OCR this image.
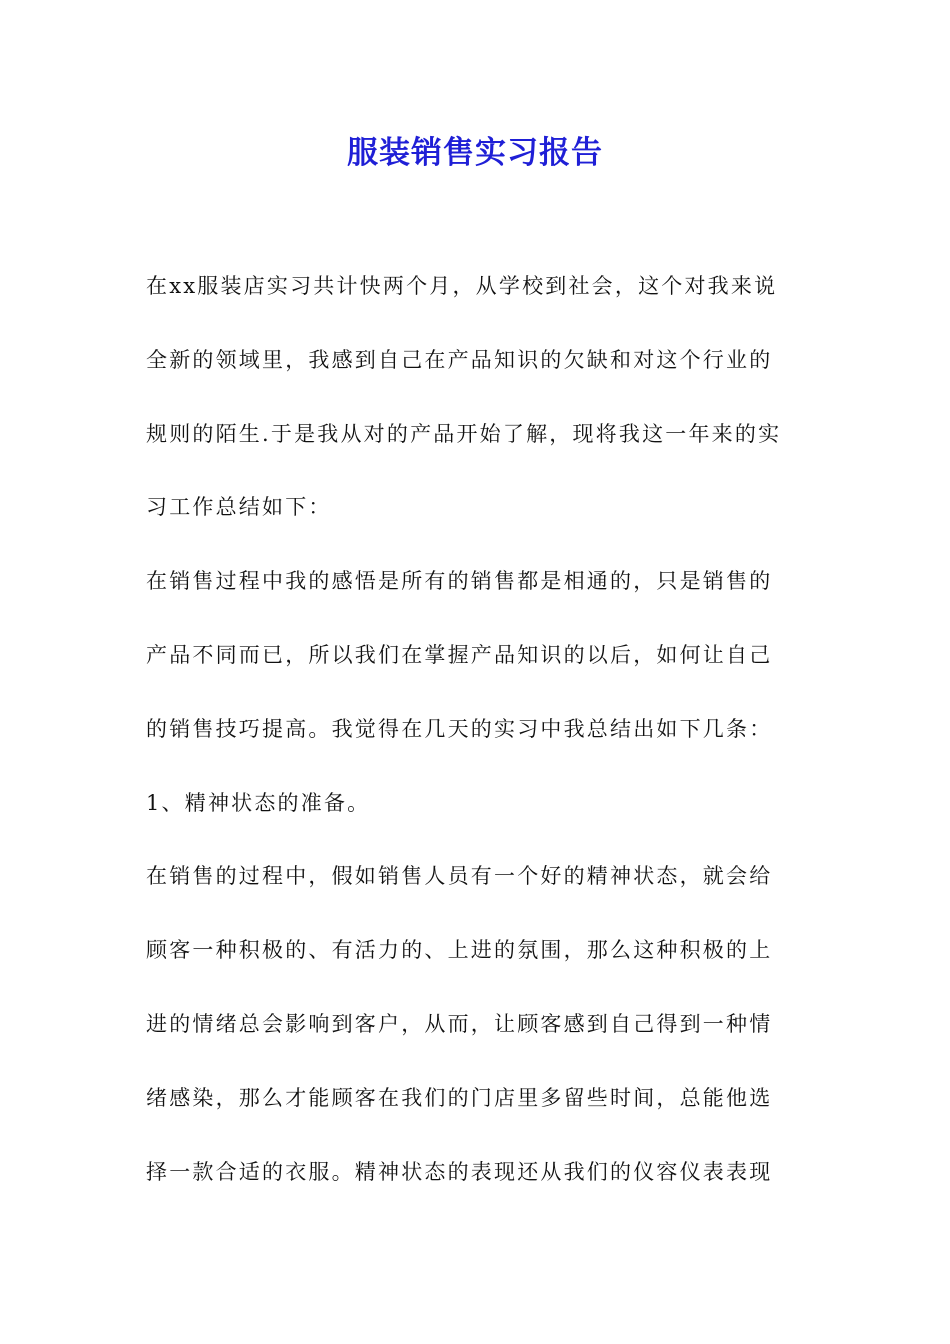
服装销售实习报告
在xx服装店实习共计快两个月，从学校到社会，这个对我来说
全新的领域里，我感到自己在产品知识的欠缺和对这个行业的
规则的陌生.于是我从对的产品开始了解，现将我这一年来的实
习工作总结如下：
在销售过程中我的感悟是所有的销售都是相通的，只是销售的
产品不同而已，所以我们在掌握产品知识的以后，如何让自己
的销售技巧提高。我觉得在几天的实习中我总结出如下几条：
1、精神状态的准备。
在销售的过程中，假如销售人员有一个好的精神状态，就会给
顾客一种积极的、有活力的、上进的氛围，那么这种积极的上
进的情绪总会影响到客户，从而，让顾客感到自己得到一种情
绪感染，那么才能顾客在我们的门店里多留些时间，总能他选
择一款合适的衣服。精神状态的表现还从我们的仪容仪表表现
